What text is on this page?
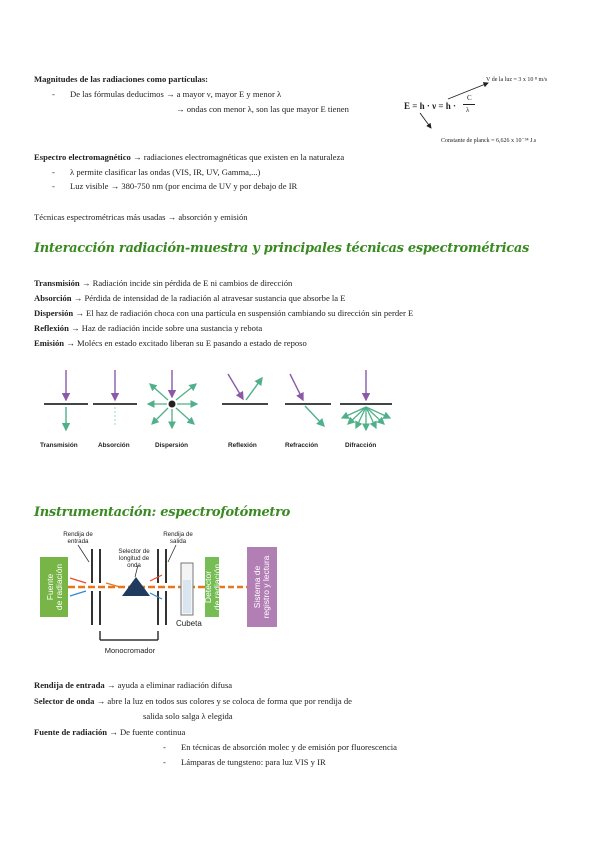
Magnitudes de las radiaciones como partículas:
- De las fórmulas deducimos → a mayor ν, mayor E y menor λ
→ ondas con menor λ, son las que mayor E tienen
V de la luz = 3 x 10 ⁸ m/s
E = h · ν = h ·
C
λ
Constante de planck = 6,626 x 10⁻³⁴ J.s
Espectro electromagnético → radiaciones electromagnéticas que existen en la naturaleza
- λ permite clasificar las ondas (VIS, IR, UV, Gamma,...)
- Luz visible → 380-750 nm (por encima de UV y por debajo de IR
Técnicas espectrométricas más usadas → absorción y emisión
Interacción radiación-muestra y principales técnicas espectrométricas
Transmisión → Radiación incide sin pérdida de E ni cambios de dirección
Absorción → Pérdida de intensidad de la radiación al atravesar sustancia que absorbe la E
Dispersión → El haz de radiación choca con una partícula en suspensión cambiando su dirección sin perder E
Reflexión → Haz de radiación incide sobre una sustancia y rebota
Emisión → Molécs en estado excitado liberan su E pasando a estado de reposo
Transmisión	Absorción	Dispersión	Reflexión	Refracción	Difracción
Instrumentación: espectrofotómetro
Fuentede radiación	Detectorde radiación	Sistema deregistro y lectura
Rendija de entrada
Selector de longitud de onda
Rendija de salida
Cubeta
Monocromador
Rendija de entrada → ayuda a eliminar radiación difusa
Selector de onda → abre la luz en todos sus colores y se coloca de forma que por rendija de
salida solo salga λ elegida
Fuente de radiación → De fuente continua
- En técnicas de absorción molec y de emisión por fluorescencia
- Lámparas de tungsteno: para luz VIS y IR
